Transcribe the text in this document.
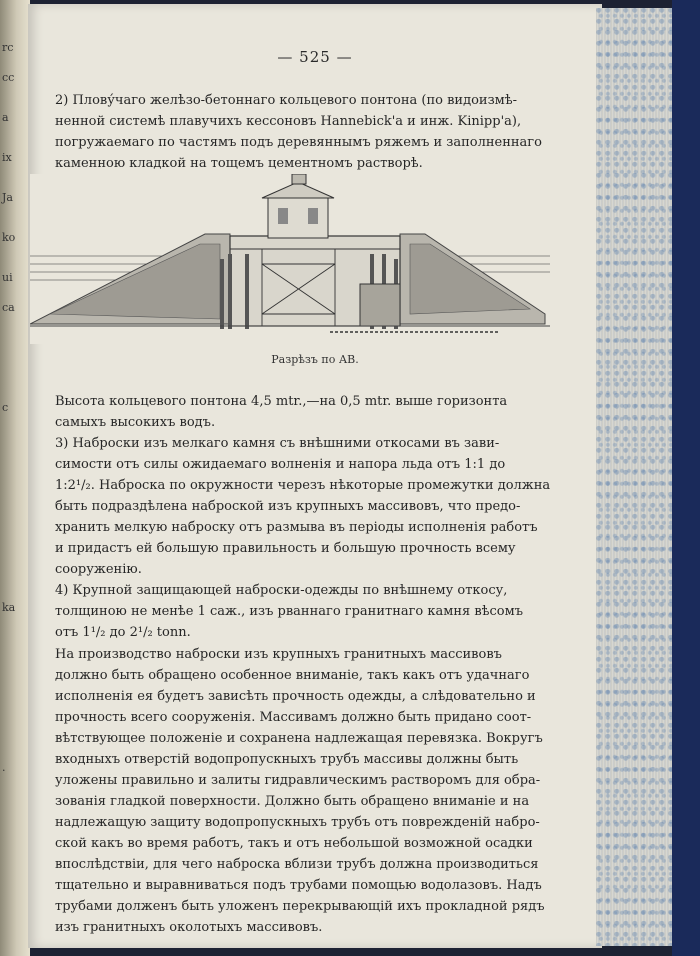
rc
cc
a
ix
Ja
ko
ui
ca
c
ka
.
— 525 —

2) Плову́чаго желѣзо-бетоннаго кольцевого понтона (по видоизмѣ-
ненной системѣ плавучихъ кессоновъ Hannebick'а и инж. Kinipp'а),
погружаемаго по частямъ подъ деревяннымъ ряжемъ и заполненнаго
каменною кладкой на тощемъ цементномъ растворѣ.

Разрѣзъ по АВ.

Высота кольцевого понтона 4,5 mtr.,—на 0,5 mtr. выше горизонта
самыхъ высокихъ водъ.

3) Наброски изъ мелкаго камня съ внѣшними откосами въ зави-
симости отъ силы ожидаемаго волненія и напора льда отъ 1:1 до
1:2¹/₂. Наброска по окружности черезъ нѣкоторые промежутки должна
быть подраздѣлена наброской изъ крупныхъ массивовъ, что предо-
хранить мелкую наброску отъ размыва въ періоды исполненія работъ
и придастъ ей большую правильность и большую прочность всему
сооруженію.

4) Крупной защищающей наброски-одежды по внѣшнему откосу,
толщиною не менѣе 1 саж., изъ рваннаго гранитнаго камня вѣсомъ
отъ 1¹/₂ до 2¹/₂ tonn.

На производство наброски изъ крупныхъ гранитныхъ массивовъ
должно быть обращено особенное вниманіе, такъ какъ отъ удачнаго
исполненія ея будетъ зависѣть прочность одежды, а слѣдовательно и
прочность всего сооруженія. Массивамъ должно быть придано соот-
вѣтствующее положеніе и сохранена надлежащая перевязка. Вокругъ
входныхъ отверстій водопропускныхъ трубъ массивы должны быть
уложены правильно и залиты гидравлическимъ растворомъ для обра-
зованія гладкой поверхности. Должно быть обращено вниманіе и на
надлежащую защиту водопропускныхъ трубъ отъ поврежденій набро-
ской какъ во время работъ, такъ и отъ небольшой возможной осадки
впослѣдствіи, для чего наброска вблизи трубъ должна производиться
тщательно и выравниваться подъ трубами помощью водолазовъ. Надъ
трубами долженъ быть уложенъ перекрывающій ихъ прокладной рядъ
изъ гранитныхъ околотыхъ массивовъ.
